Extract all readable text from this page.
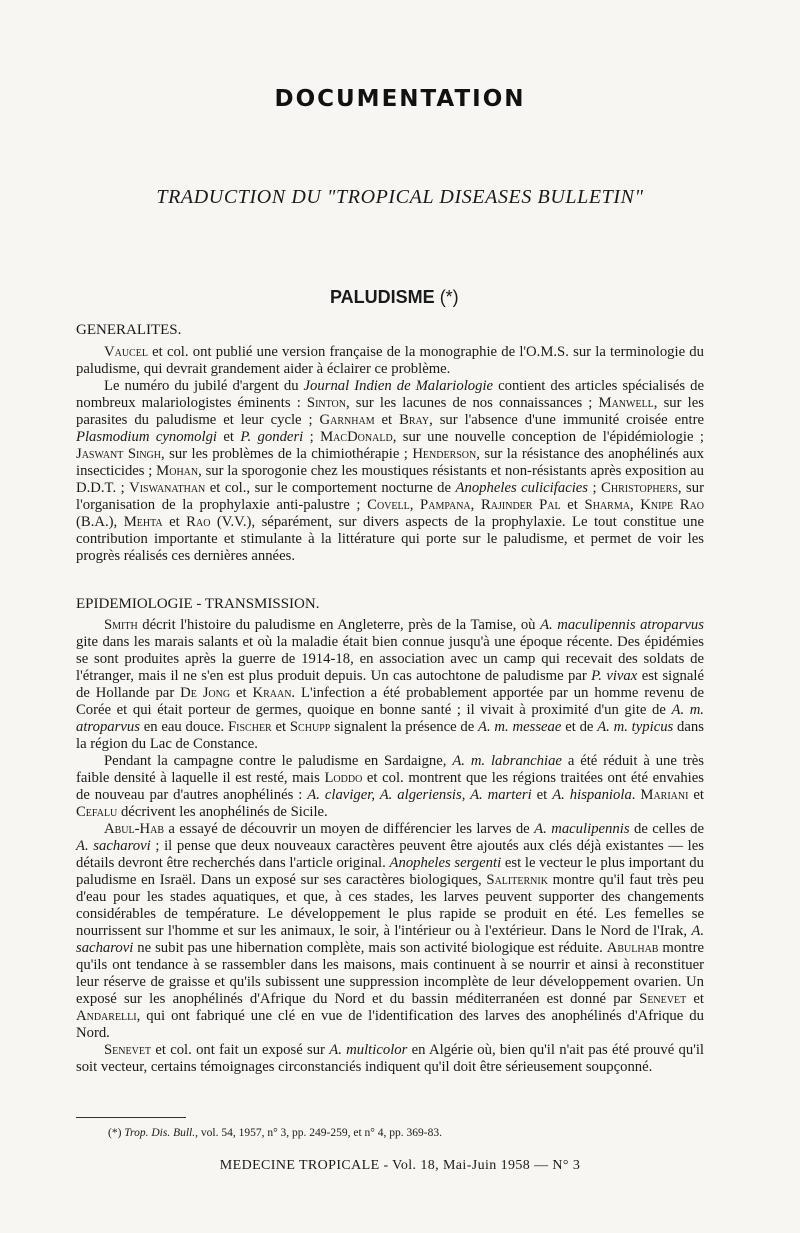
DOCUMENTATION
TRADUCTION DU "TROPICAL DISEASES BULLETIN"
PALUDISME (*)
GENERALITES.

Vaucel et col. ont publié une version française de la monographie de l'O.M.S. sur la terminologie du paludisme, qui devrait grandement aider à éclairer ce problème.

Le numéro du jubilé d'argent du Journal Indien de Malariologie contient des articles spécialisés de nombreux malariologistes éminents : Sinton, sur les lacunes de nos connaissances ; Manwell, sur les parasites du paludisme et leur cycle ; Garnham et Bray, sur l'absence d'une immunité croisée entre Plasmodium cynomolgi et P. gonderi ; MacDonald, sur une nouvelle conception de l'épidémiologie ; Jaswant Singh, sur les problèmes de la chimiothérapie ; Henderson, sur la résistance des anophélinés aux insecticides ; Mohan, sur la sporogonie chez les moustiques résistants et non-résistants après exposition au D.D.T. ; Viswanathan et col., sur le comportement nocturne de Anopheles culicifacies ; Christophers, sur l'organisation de la prophylaxie anti-palustre ; Covell, Pampana, Rajinder Pal et Sharma, Knipe Rao (B.A.), Mehta et Rao (V.V.), séparément, sur divers aspects de la prophylaxie. Le tout constitue une contribution importante et stimulante à la littérature qui porte sur le paludisme, et permet de voir les progrès réalisés ces dernières années.

EPIDEMIOLOGIE - TRANSMISSION.

Smith décrit l'histoire du paludisme en Angleterre, près de la Tamise, où A. maculipennis atroparvus gite dans les marais salants et où la maladie était bien connue jusqu'à une époque récente. Des épidémies se sont produites après la guerre de 1914-18, en association avec un camp qui recevait des soldats de l'étranger, mais il ne s'en est plus produit depuis. Un cas autochtone de paludisme par P. vivax est signalé de Hollande par De Jong et Kraan. L'infection a été probablement apportée par un homme revenu de Corée et qui était porteur de germes, quoique en bonne santé ; il vivait à proximité d'un gite de A. m. atroparvus en eau douce. Fischer et Schupp signalent la présence de A. m. messeae et de A. m. typicus dans la région du Lac de Constance.

Pendant la campagne contre le paludisme en Sardaigne, A. m. labranchiae a été réduit à une très faible densité à laquelle il est resté, mais Loddo et col. montrent que les régions traitées ont été envahies de nouveau par d'autres anophélinés : A. claviger, A. algeriensis, A. marteri et A. hispaniola. Mariani et Cefalu décrivent les anophélinés de Sicile.

Abul-Hab a essayé de découvrir un moyen de différencier les larves de A. maculipennis de celles de A. sacharovi ; il pense que deux nouveaux caractères peuvent être ajoutés aux clés déjà existantes — les détails devront être recherchés dans l'article original. Anopheles sergenti est le vecteur le plus important du paludisme en Israël. Dans un exposé sur ses caractères biologiques, Saliternik montre qu'il faut très peu d'eau pour les stades aquatiques, et que, à ces stades, les larves peuvent supporter des changements considérables de température. Le développement le plus rapide se produit en été. Les femelles se nourrissent sur l'homme et sur les animaux, le soir, à l'intérieur ou à l'extérieur. Dans le Nord de l'Irak, A. sacharovi ne subit pas une hibernation complète, mais son activité biologique est réduite. Abulhab montre qu'ils ont tendance à se rassembler dans les maisons, mais continuent à se nourrir et ainsi à reconstituer leur réserve de graisse et qu'ils subissent une suppression incomplète de leur développement ovarien. Un exposé sur les anophélinés d'Afrique du Nord et du bassin méditerranéen est donné par Senevet et Andarelli, qui ont fabriqué une clé en vue de l'identification des larves des anophélinés d'Afrique du Nord.

Senevet et col. ont fait un exposé sur A. multicolor en Algérie où, bien qu'il n'ait pas été prouvé qu'il soit vecteur, certains témoignages circonstanciés indiquent qu'il doit être sérieusement soupçonné.

(*) Trop. Dis. Bull., vol. 54, 1957, n° 3, pp. 249-259, et n° 4, pp. 369-83.
MEDECINE TROPICALE - Vol. 18, Mai-Juin 1958 — N° 3
